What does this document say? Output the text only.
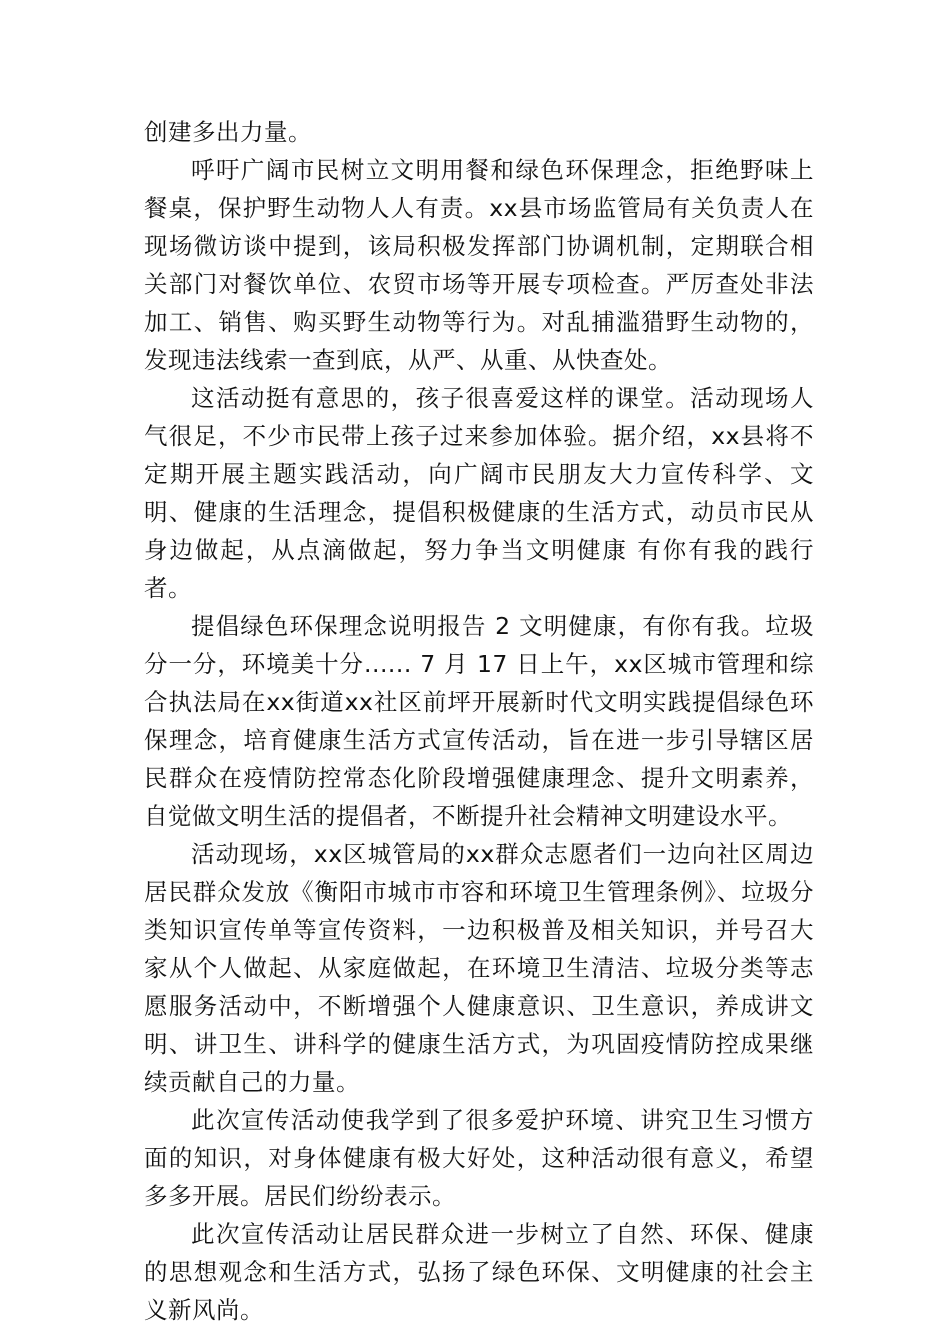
创建多出力量。

呼吁广阔市民树立文明用餐和绿色环保理念，拒绝野味上餐桌，保护野生动物人人有责。xx县市场监管局有关负责人在现场微访谈中提到，该局积极发挥部门协调机制，定期联合相关部门对餐饮单位、农贸市场等开展专项检查。严厉查处非法加工、销售、购买野生动物等行为。对乱捕滥猎野生动物的，发现违法线索一查到底，从严、从重、从快查处。

这活动挺有意思的，孩子很喜爱这样的课堂。活动现场人气很足，不少市民带上孩子过来参加体验。据介绍，xx县将不定期开展主题实践活动，向广阔市民朋友大力宣传科学、文明、健康的生活理念，提倡积极健康的生活方式，动员市民从身边做起，从点滴做起，努力争当文明健康 有你有我的践行者。

提倡绿色环保理念说明报告 2 文明健康，有你有我。垃圾分一分，环境美十分...... 7 月 17 日上午，xx区城市管理和综合执法局在xx街道xx社区前坪开展新时代文明实践提倡绿色环保理念，培育健康生活方式宣传活动，旨在进一步引导辖区居民群众在疫情防控常态化阶段增强健康理念、提升文明素养，自觉做文明生活的提倡者，不断提升社会精神文明建设水平。

活动现场，xx区城管局的xx群众志愿者们一边向社区周边居民群众发放《衡阳市城市市容和环境卫生管理条例》、垃圾分类知识宣传单等宣传资料，一边积极普及相关知识，并号召大家从个人做起、从家庭做起，在环境卫生清洁、垃圾分类等志愿服务活动中，不断增强个人健康意识、卫生意识，养成讲文明、讲卫生、讲科学的健康生活方式，为巩固疫情防控成果继续贡献自己的力量。

此次宣传活动使我学到了很多爱护环境、讲究卫生习惯方面的知识，对身体健康有极大好处，这种活动很有意义，希望多多开展。居民们纷纷表示。

此次宣传活动让居民群众进一步树立了自然、环保、健康的思想观念和生活方式，弘扬了绿色环保、文明健康的社会主义新风尚。
